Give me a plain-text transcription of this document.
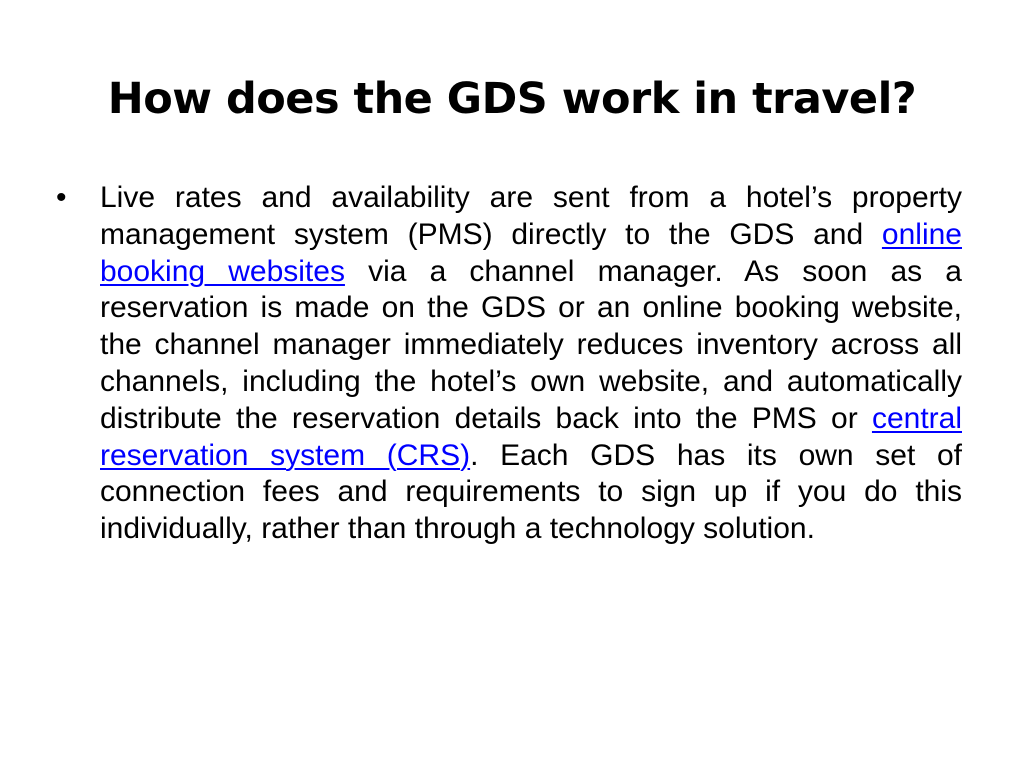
How does the GDS work in travel?
• Live rates and availability are sent from a hotel’s property management system (PMS) directly to the GDS and online booking websites via a channel manager. As soon as a reservation is made on the GDS or an online booking website, the channel manager immediately reduces inventory across all channels, including the hotel’s own website, and automatically distribute the reservation details back into the PMS or central reservation system (CRS). Each GDS has its own set of connection fees and requirements to sign up if you do this individually, rather than through a technology solution.
